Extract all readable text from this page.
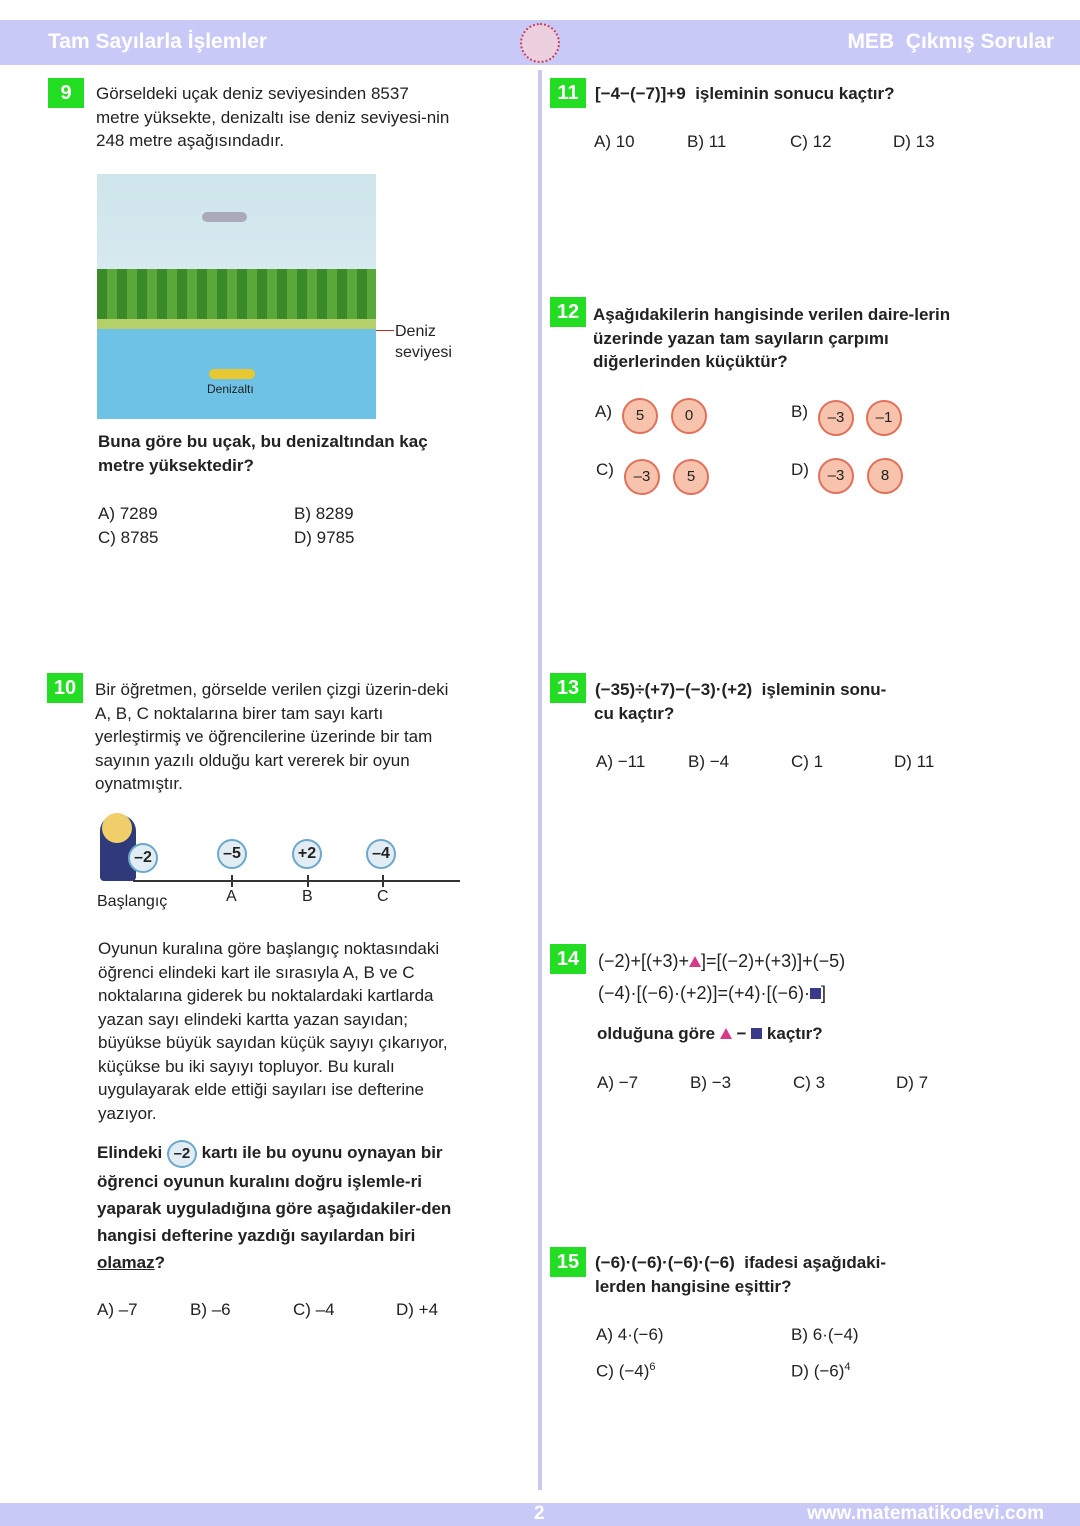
Tam Sayılarla İşlemler	MEB  Çıkmış Sorular
2	www.matematikodevi.com
9	Görseldeki uçak deniz seviyesinden 8537 metre yüksekte, denizaltı ise deniz seviyesi-nin 248 metre aşağısındadır.
Denizaltı
Deniz seviyesi
Buna göre bu uçak, bu denizaltından kaç metre yüksektedir?
A) 7289	B) 8289
C) 8785	D) 9785
10	Bir öğretmen, görselde verilen çizgi üzerin-deki A, B, C noktalarına birer tam sayı kartı yerleştirmiş ve öğrencilerine üzerinde bir tam sayının yazılı olduğu kart vererek bir oyun oynatmıştır.
–2
Başlangıç
–5
A
+2
B
–4
C
Oyunun kuralına göre başlangıç noktasındaki öğrenci elindeki kart ile sırasıyla A, B ve C noktalarına giderek bu noktalardaki kartlarda yazan sayı elindeki kartta yazan sayıdan; büyükse büyük sayıdan küçük sayıyı çıkarıyor, küçükse bu iki sayıyı topluyor. Bu kuralı uygulayarak elde ettiği sayıları ise defterine yazıyor.
Elindeki –2 kartı ile bu oyunu oynayan bir öğrenci oyunun kuralını doğru işlemle-ri yaparak uyguladığına göre aşağıdakiler-den hangisi defterine yazdığı sayılardan biri olamaz?
A) –7	B) –6	C) –4	D) +4
11 [−4−(−7)]+9 işleminin sonucu kaçtır?
A) 10	B) 11	C) 12	D) 13
12 Aşağıdakilerin hangisinde verilen daire-lerin üzerinde yazan tam sayıların çarpımı diğerlerinden küçüktür?
A)	5	0	B)	–3	–1
C)	–3	5	D)	–3	8
13 (−35)÷(+7)−(−3)·(+2) işleminin sonu-
cu kaçtır?
A) −11	B) −4	C) 1	D) 11
14	(−2)+[(+3)+ ]=[(−2)+(+3)]+(−5)
(−4)·[(−6)·(+2)]=(+4)·[(−6)· ]
olduğuna göre − kaçtır?
A) −7	B) −3	C) 3	D) 7
15 (−6)·(−6)·(−6)·(−6) ifadesi aşağıdaki-
lerden hangisine eşittir?
A) 4·(−6)	B) 6·(−4)
C) $(-4)^6$	D) $(-6)^4$
